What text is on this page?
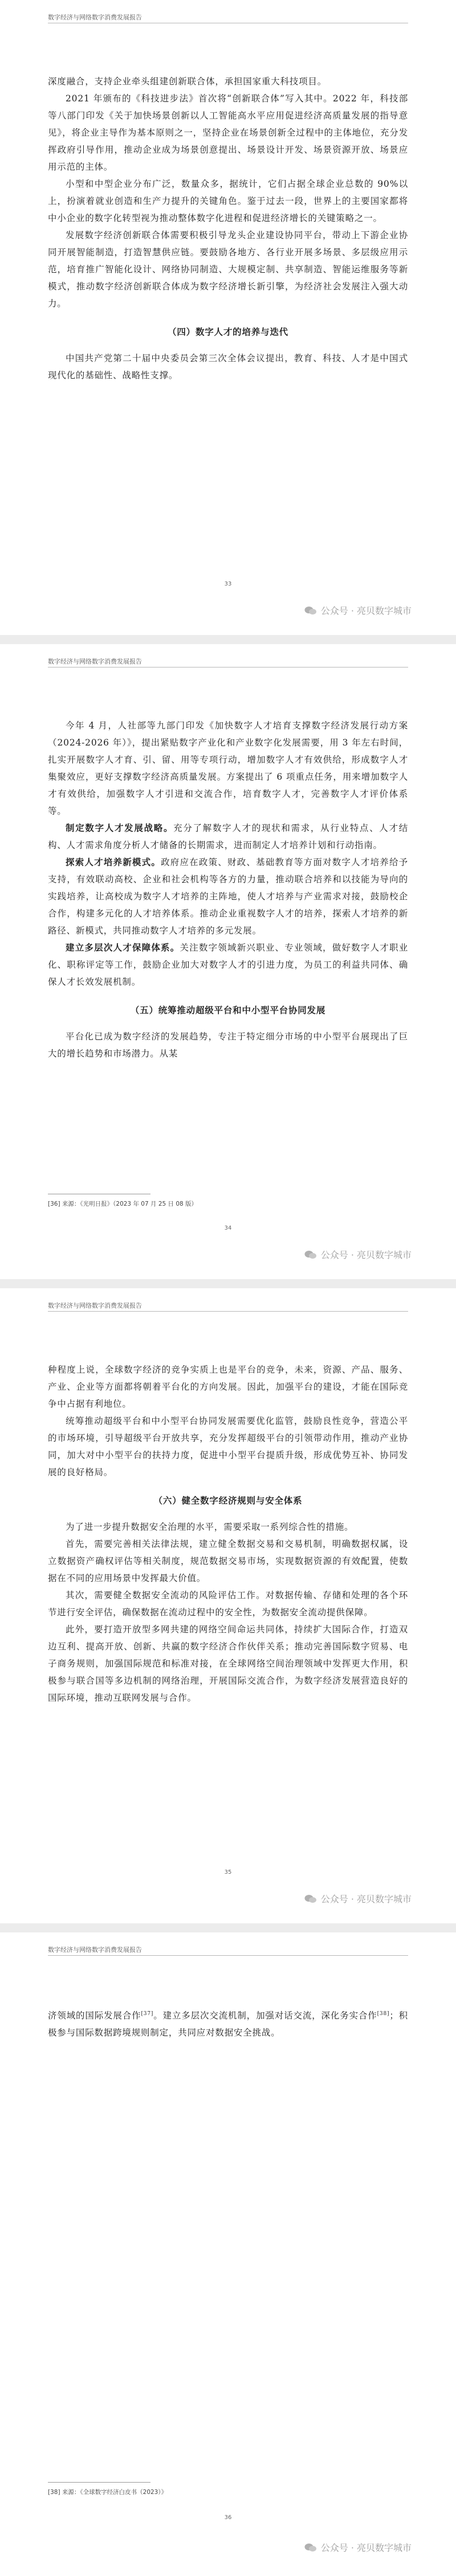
数字经济与网络数字消费发展报告

深度融合，支持企业牵头组建创新联合体，承担国家重大科技项目。

2021 年颁布的《科技进步法》首次将“创新联合体”写入其中。2022 年，科技部等八部门印发《关于加快场景创新以人工智能高水平应用促进经济高质量发展的指导意见》，将企业主导作为基本原则之一，坚持企业在场景创新全过程中的主体地位，充分发挥政府引导作用，推动企业成为场景创意提出、场景设计开发、场景资源开放、场景应用示范的主体。

小型和中型企业分布广泛，数量众多，据统计，它们占据全球企业总数的 90%以上，扮演着就业创造和生产力提升的关键角色。鉴于过去一段，世界上的主要国家都将中小企业的数字化转型视为推动整体数字化进程和促进经济增长的关键策略之一。

发展数字经济创新联合体需要积极引导龙头企业建设协同平台，带动上下游企业协同开展智能制造，打造智慧供应链。要鼓励各地方、各行业开展多场景、多层级应用示范，培育推广智能化设计、网络协同制造、大规模定制、共享制造、智能运维服务等新模式，推动数字经济创新联合体成为数字经济增长新引擎，为经济社会发展注入强大动力。

（四）数字人才的培养与迭代

中国共产党第二十届中央委员会第三次全体会议提出，教育、科技、人才是中国式现代化的基础性、战略性支撑。

33
公众号 · 亮贝数字城市
数字经济与网络数字消费发展报告

今年 4 月，人社部等九部门印发《加快数字人才培育支撑数字经济发展行动方案（2024-2026 年）》，提出紧贴数字产业化和产业数字化发展需要，用 3 年左右时间，扎实开展数字人才育、引、留、用等专项行动，增加数字人才有效供给，形成数字人才集聚效应，更好支撑数字经济高质量发展。方案提出了 6 项重点任务，用来增加数字人才有效供给，加强数字人才引进和交流合作，培育数字人才，完善数字人才评价体系等。

制定数字人才发展战略。充分了解数字人才的现状和需求，从行业特点、人才结构、人才需求角度分析人才储备的长期需求，进而制定人才培养计划和行动指南。

探索人才培养新模式。政府应在政策、财政、基础教育等方面对数字人才培养给予支持，有效联动高校、企业和社会机构等各方的力量，推动联合培养和以技能为导向的实践培养，让高校成为数字人才培养的主阵地，使人才培养与产业需求对接，鼓励校企合作，构建多元化的人才培养体系。推动企业重视数字人才的培养，探索人才培养的新路径、新模式，共同推动数字人才培养的多元发展。

建立多层次人才保障体系。关注数字领域新兴职业、专业领域，做好数字人才职业化、职称评定等工作，鼓励企业加大对数字人才的引进力度，为员工的利益共同体、确保人才长效发展机制。

（五）统筹推动超级平台和中小型平台协同发展

平台化已成为数字经济的发展趋势，专注于特定细分市场的中小型平台展现出了巨大的增长趋势和市场潜力。从某

[36] 来源：《光明日报》（2023 年 07 月 25 日 08 版）
34
公众号 · 亮贝数字城市
数字经济与网络数字消费发展报告

种程度上说，全球数字经济的竞争实质上也是平台的竞争，未来，资源、产品、服务、产业、企业等方面都将朝着平台化的方向发展。因此，加强平台的建设，才能在国际竞争中占据有利地位。

统筹推动超级平台和中小型平台协同发展需要优化监管，鼓励良性竞争，营造公平的市场环境，引导超级平台开放共享，充分发挥超级平台的引领带动作用，推动产业协同，加大对中小型平台的扶持力度，促进中小型平台提质升级，形成优势互补、协同发展的良好格局。

（六）健全数字经济规则与安全体系

为了进一步提升数据安全治理的水平，需要采取一系列综合性的措施。

首先，需要完善相关法律法规，建立健全数据交易和交易机制，明确数据权属，设立数据资产确权评估等相关制度，规范数据交易市场，实现数据资源的有效配置，使数据在不同的应用场景中发挥最大价值。

其次，需要健全数据安全流动的风险评估工作。对数据传输、存储和处理的各个环节进行安全评估，确保数据在流动过程中的安全性，为数据安全流动提供保障。

此外，要打造开放型多网共建的网络空间命运共同体，持续扩大国际合作，打造双边互利、提高开放、创新、共赢的数字经济合作伙伴关系；推动完善国际数字贸易、电子商务规则，加强国际规范和标准对接，在全球网络空间治理领域中发挥更大作用，积极参与联合国等多边机制的网络治理，开展国际交流合作，为数字经济发展营造良好的国际环境，推动互联网发展与合作。

35
公众号 · 亮贝数字城市
数字经济与网络数字消费发展报告

济领域的国际发展合作[37]。建立多层次交流机制，加强对话交流，深化务实合作[38]；积极参与国际数据跨境规则制定，共同应对数据安全挑战。

[38] 来源：《全球数字经济白皮书（2023）》
36
公众号 · 亮贝数字城市
